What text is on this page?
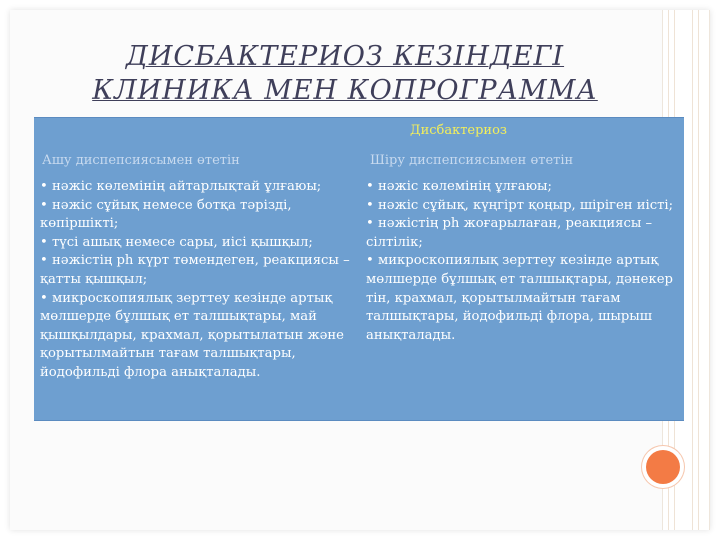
ДИСБАКТЕРИОЗ КЕЗІНДЕГІ
КЛИНИКА МЕН КОПРОГРАММА
Дисбактериоз
Ашу диспепсиясымен өтетін	Шіру диспепсиясымен өтетін
• нәжіс көлемінің айтарлықтай ұлғаюы;
• нәжіс сұйық немесе ботқа тәрізді, көпіршікті;
• түсі ашық немесе сары, иісі қышқыл;
• нәжістің ph күрт төмендеген, реакциясы – қатты қышқыл;
• микроскопиялық зерттеу кезінде артық мөлшерде бұлшық ет талшықтары, май қышқылдары, крахмал, қорытылатын және қорытылмайтын тағам талшықтары, йодофильді флора анықталады.
• нәжіс көлемінің ұлғаюы;
• нәжіс сұйық, күңгірт қоңыр, шіріген иісті;
• нәжістің ph жоғарылаған, реакциясы – сілтілік;
• микроскопиялық зерттеу кезінде артық мөлшерде бұлшық ет талшықтары, дәнекер тін, крахмал, қорытылмайтын тағам талшықтары, йодофильді флора, шырыш анықталады.
